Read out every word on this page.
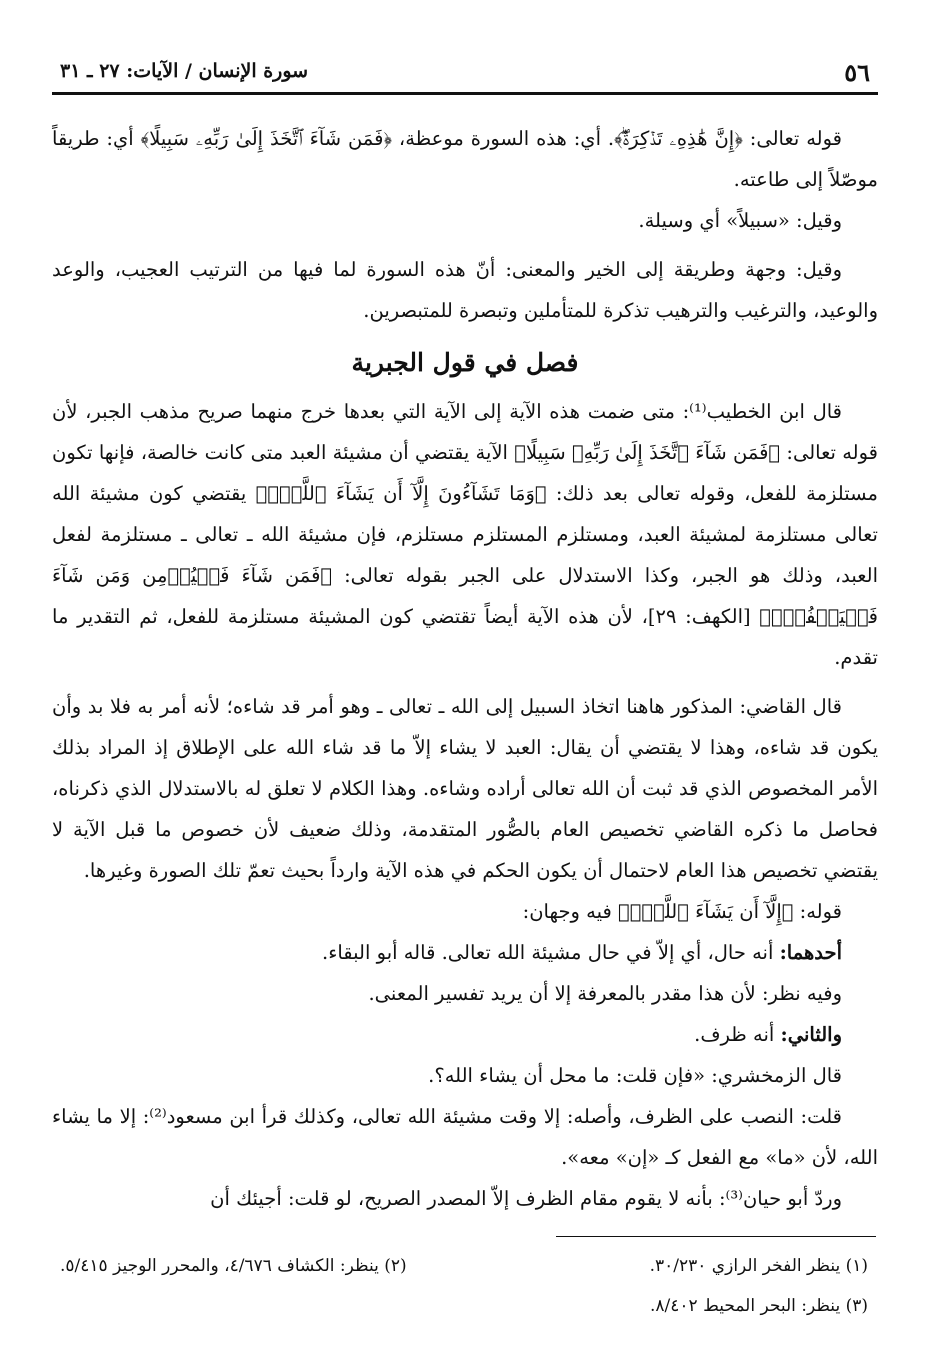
٥٦
سورة الإنسان / الآيات: ٢٧ ـ ٣١

قوله تعالى: ﴿إِنَّ هَٰذِهِۦ تَذۡكِرَةٌۖ﴾. أي: هذه السورة موعظة، ﴿فَمَن شَآءَ ٱتَّخَذَ إِلَىٰ رَبِّهِۦ سَبِيلًا﴾ أي: طريقاً موصّلاً إلى طاعته.

وقيل: «سبيلاً» أي وسيلة.

وقيل: وجهة وطريقة إلى الخير والمعنى: أنّ هذه السورة لما فيها من الترتيب العجيب، والوعد والوعيد، والترغيب والترهيب تذكرة للمتأملين وتبصرة للمتبصرين.

فصل في قول الجبرية

قال ابن الخطيب⁽¹⁾: متى ضمت هذه الآية إلى الآية التي بعدها خرج منهما صريح مذهب الجبر، لأن قوله تعالى: ﴿فَمَن شَآءَ ٱتَّخَذَ إِلَىٰ رَبِّهِۦ سَبِيلًا﴾ الآية يقتضي أن مشيئة العبد متى كانت خالصة، فإنها تكون مستلزمة للفعل، وقوله تعالى بعد ذلك: ﴿وَمَا تَشَآءُونَ إِلَّآ أَن يَشَآءَ ٱللَّهُۚ﴾ يقتضي كون مشيئة الله تعالى مستلزمة لمشيئة العبد، ومستلزم المستلزم مستلزم، فإن مشيئة الله ـ تعالى ـ مستلزمة لفعل العبد، وذلك هو الجبر، وكذا الاستدلال على الجبر بقوله تعالى: ﴿فَمَن شَآءَ فَلۡيُؤۡمِن وَمَن شَآءَ فَلۡيَكۡفُرۡۚ﴾ [الكهف: ٢٩]، لأن هذه الآية أيضاً تقتضي كون المشيئة مستلزمة للفعل، ثم التقدير ما تقدم.

قال القاضي: المذكور هاهنا اتخاذ السبيل إلى الله ـ تعالى ـ وهو أمر قد شاءه؛ لأنه أمر به فلا بد وأن يكون قد شاءه، وهذا لا يقتضي أن يقال: العبد لا يشاء إلاّ ما قد شاء الله على الإطلاق إذ المراد بذلك الأمر المخصوص الذي قد ثبت أن الله تعالى أراده وشاءه. وهذا الكلام لا تعلق له بالاستدلال الذي ذكرناه، فحاصل ما ذكره القاضي تخصيص العام بالصُّور المتقدمة، وذلك ضعيف لأن خصوص ما قبل الآية لا يقتضي تخصيص هذا العام لاحتمال أن يكون الحكم في هذه الآية وارداً بحيث تعمّ تلك الصورة وغيرها.

قوله: ﴿إِلَّآ أَن يَشَآءَ ٱللَّهُۚ﴾ فيه وجهان:

أحدهما: أنه حال، أي إلاّ في حال مشيئة الله تعالى. قاله أبو البقاء.

وفيه نظر: لأن هذا مقدر بالمعرفة إلا أن يريد تفسير المعنى.

والثاني: أنه ظرف.

قال الزمخشري: «فإن قلت: ما محل أن يشاء الله؟.

قلت: النصب على الظرف، وأصله: إلا وقت مشيئة الله تعالى، وكذلك قرأ ابن مسعود⁽²⁾: إلا ما يشاء الله، لأن «ما» مع الفعل كـ «إن» معه».

وردّ أبو حيان⁽³⁾: بأنه لا يقوم مقام الظرف إلاّ المصدر الصريح، لو قلت: أجيئك أن

(١) ينظر الفخر الرازي ٣٠/٢٣٠.
(٢) ينظر: الكشاف ٤/٦٧٦، والمحرر الوجيز ٥/٤١٥.
(٣) ينظر: البحر المحيط ٨/٤٠٢.
